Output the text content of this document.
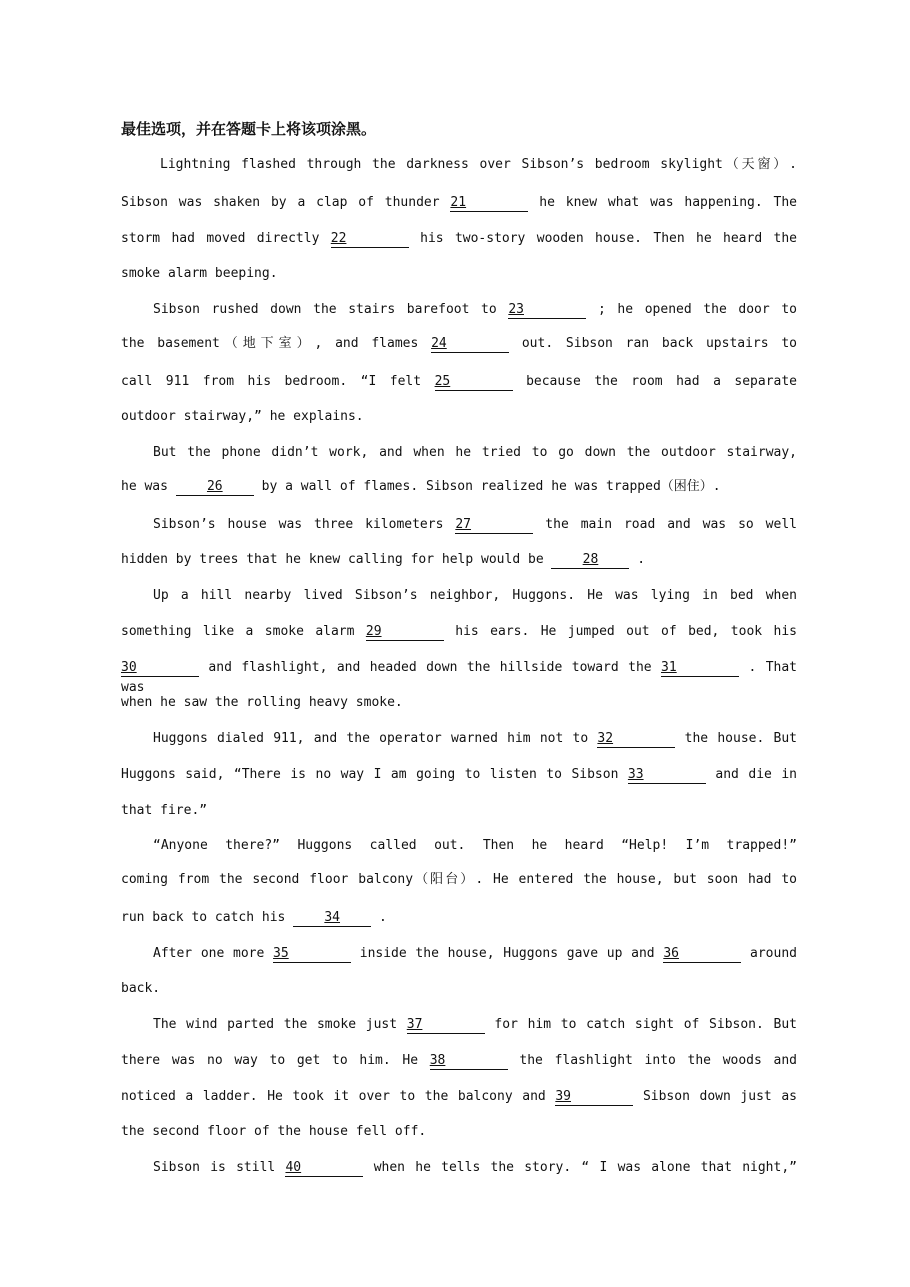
最佳选项，并在答题卡上将该项涂黑。
Lightning flashed through the darkness over Sibson’s bedroom skylight（天窗）.
Sibson was shaken by a clap of thunder 21	he knew what was happening. The
storm had moved directly 22	his two-story wooden house. Then he heard the
smoke alarm beeping.
Sibson rushed down the stairs barefoot to 23	; he opened the door to
the basement（地下室）, and flames 24	out. Sibson ran back upstairs to
call 911 from his bedroom. “I felt 25	because the room had a separate
outdoor stairway,” he explains.
But the phone didn’t work, and when he tried to go down the outdoor stairway,
he was 26 by a wall of flames. Sibson realized he was trapped（困住）.
Sibson’s house was three kilometers 27	the main road and was so well
hidden by trees that he knew calling for help would be 28 .
Up a hill nearby lived Sibson’s neighbor, Huggons. He was lying in bed when
something like a smoke alarm 29	his ears. He jumped out of bed, took his
30	and flashlight, and headed down the hillside toward the 31	. That was
when he saw the rolling heavy smoke.
Huggons dialed 911, and the operator warned him not to 32	the house. But
Huggons said, “There is no way I am going to listen to Sibson 33	and die in
that fire.”
“Anyone there?” Huggons called out. Then he heard “Help! I’m trapped!”
coming from the second floor balcony（阳台）. He entered the house, but soon had to
run back to catch his 34 .
After one more 35	inside the house, Huggons gave up and 36	around
back.
The wind parted the smoke just 37	for him to catch sight of Sibson. But
there was no way to get to him. He 38	the flashlight into the woods and
noticed a ladder. He took it over to the balcony and 39	Sibson down just as
the second floor of the house fell off.
Sibson is still 40	when he tells the story. “ I was alone that night,”
